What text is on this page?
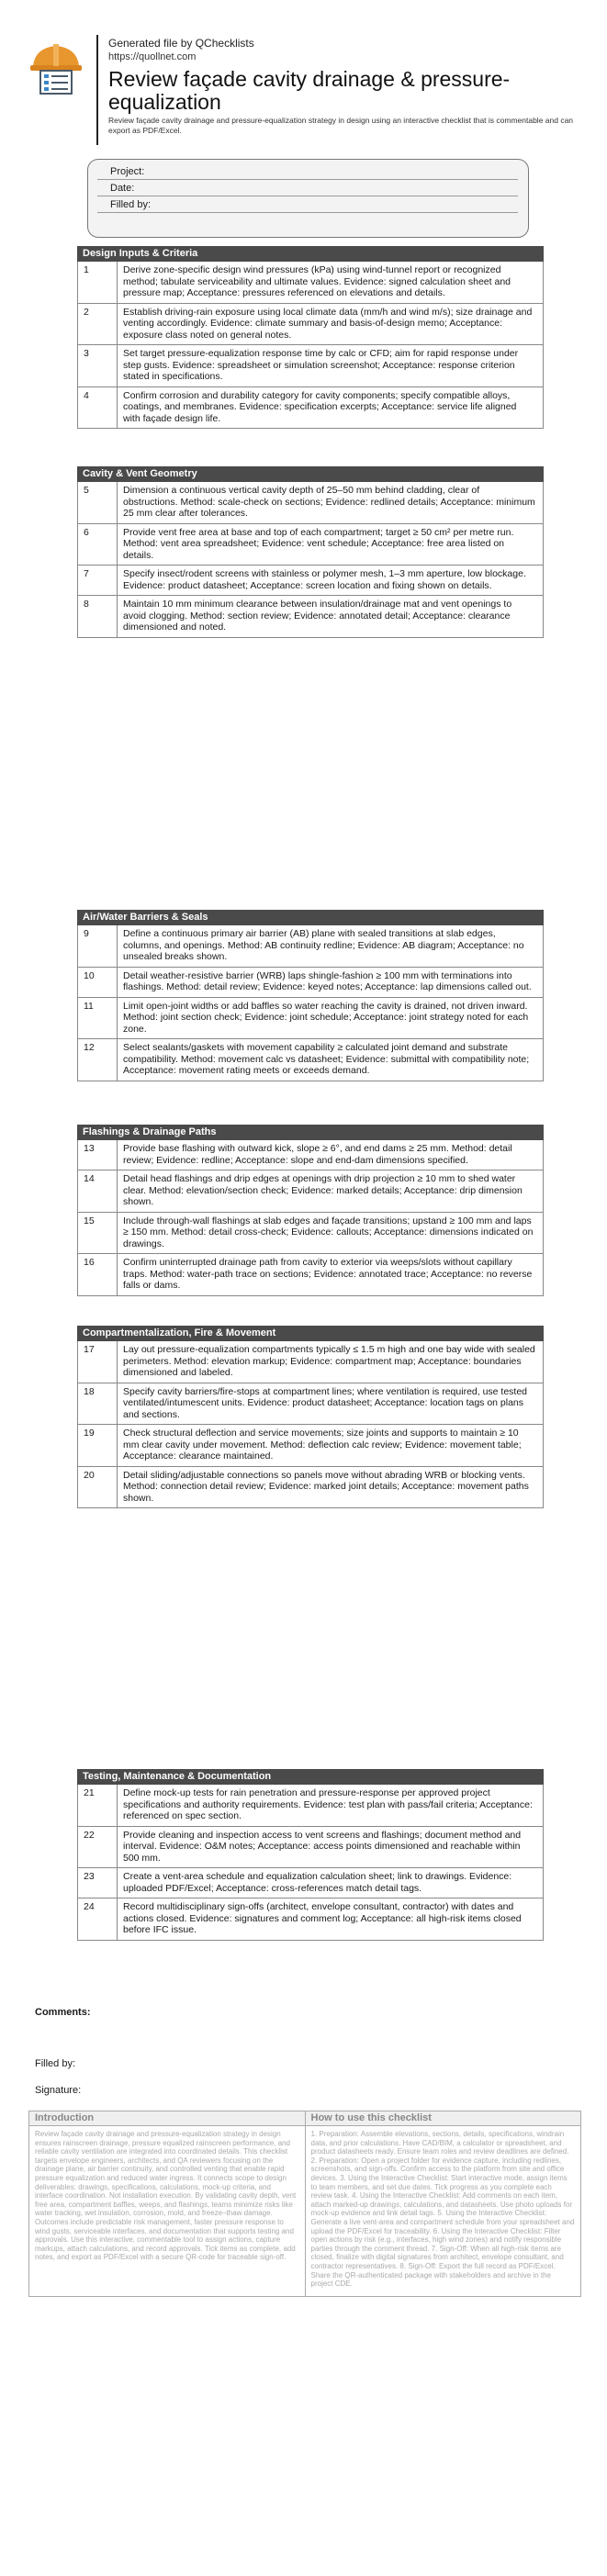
Generated file by QChecklists
https://quollnet.com
Review façade cavity drainage & pressure-equalization
Review façade cavity drainage and pressure-equalization strategy in design using an interactive checklist that is commentable and can export as PDF/Excel.
Project:
Date:
Filled by:
Design Inputs & Criteria
1	Derive zone-specific design wind pressures (kPa) using wind-tunnel report or recognized method; tabulate serviceability and ultimate values. Evidence: signed calculation sheet and pressure map; Acceptance: pressures referenced on elevations and details.
2	Establish driving-rain exposure using local climate data (mm/h and wind m/s); size drainage and venting accordingly. Evidence: climate summary and basis-of-design memo; Acceptance: exposure class noted on general notes.
3	Set target pressure-equalization response time by calc or CFD; aim for rapid response under step gusts. Evidence: spreadsheet or simulation screenshot; Acceptance: response criterion stated in specifications.
4	Confirm corrosion and durability category for cavity components; specify compatible alloys, coatings, and membranes. Evidence: specification excerpts; Acceptance: service life aligned with façade design life.
Cavity & Vent Geometry
5	Dimension a continuous vertical cavity depth of 25–50 mm behind cladding, clear of obstructions. Method: scale-check on sections; Evidence: redlined details; Acceptance: minimum 25 mm clear after tolerances.
6	Provide vent free area at base and top of each compartment; target ≥ 50 cm² per metre run. Method: vent area spreadsheet; Evidence: vent schedule; Acceptance: free area listed on details.
7	Specify insect/rodent screens with stainless or polymer mesh, 1–3 mm aperture, low blockage. Evidence: product datasheet; Acceptance: screen location and fixing shown on details.
8	Maintain 10 mm minimum clearance between insulation/drainage mat and vent openings to avoid clogging. Method: section review; Evidence: annotated detail; Acceptance: clearance dimensioned and noted.
Air/Water Barriers & Seals
9	Define a continuous primary air barrier (AB) plane with sealed transitions at slab edges, columns, and openings. Method: AB continuity redline; Evidence: AB diagram; Acceptance: no unsealed breaks shown.
10	Detail weather-resistive barrier (WRB) laps shingle-fashion ≥ 100 mm with terminations into flashings. Method: detail review; Evidence: keyed notes; Acceptance: lap dimensions called out.
11	Limit open-joint widths or add baffles so water reaching the cavity is drained, not driven inward. Method: joint section check; Evidence: joint schedule; Acceptance: joint strategy noted for each zone.
12	Select sealants/gaskets with movement capability ≥ calculated joint demand and substrate compatibility. Method: movement calc vs datasheet; Evidence: submittal with compatibility note; Acceptance: movement rating meets or exceeds demand.
Flashings & Drainage Paths
13	Provide base flashing with outward kick, slope ≥ 6°, and end dams ≥ 25 mm. Method: detail review; Evidence: redline; Acceptance: slope and end-dam dimensions specified.
14	Detail head flashings and drip edges at openings with drip projection ≥ 10 mm to shed water clear. Method: elevation/section check; Evidence: marked details; Acceptance: drip dimension shown.
15	Include through-wall flashings at slab edges and façade transitions; upstand ≥ 100 mm and laps ≥ 150 mm. Method: detail cross-check; Evidence: callouts; Acceptance: dimensions indicated on drawings.
16	Confirm uninterrupted drainage path from cavity to exterior via weeps/slots without capillary traps. Method: water-path trace on sections; Evidence: annotated trace; Acceptance: no reverse falls or dams.
Compartmentalization, Fire & Movement
17	Lay out pressure-equalization compartments typically ≤ 1.5 m high and one bay wide with sealed perimeters. Method: elevation markup; Evidence: compartment map; Acceptance: boundaries dimensioned and labeled.
18	Specify cavity barriers/fire-stops at compartment lines; where ventilation is required, use tested ventilated/intumescent units. Evidence: product datasheet; Acceptance: location tags on plans and sections.
19	Check structural deflection and service movements; size joints and supports to maintain ≥ 10 mm clear cavity under movement. Method: deflection calc review; Evidence: movement table; Acceptance: clearance maintained.
20	Detail sliding/adjustable connections so panels move without abrading WRB or blocking vents. Method: connection detail review; Evidence: marked joint details; Acceptance: movement paths shown.
Testing, Maintenance & Documentation
21	Define mock-up tests for rain penetration and pressure-response per approved project specifications and authority requirements. Evidence: test plan with pass/fail criteria; Acceptance: referenced on spec section.
22	Provide cleaning and inspection access to vent screens and flashings; document method and interval. Evidence: O&M notes; Acceptance: access points dimensioned and reachable within 500 mm.
23	Create a vent-area schedule and equalization calculation sheet; link to drawings. Evidence: uploaded PDF/Excel; Acceptance: cross-references match detail tags.
24	Record multidisciplinary sign-offs (architect, envelope consultant, contractor) with dates and actions closed. Evidence: signatures and comment log; Acceptance: all high-risk items closed before IFC issue.
Comments:
Filled by:
Signature:
Introduction
Review façade cavity drainage and pressure-equalization strategy in design ensures rainscreen drainage, pressure equalized rainscreen performance, and reliable cavity ventilation are integrated into coordinated details. This checklist targets envelope engineers, architects, and QA reviewers focusing on the drainage plane, air barrier continuity, and controlled venting that enable rapid pressure equalization and reduced water ingress. It connects scope to design deliverables: drawings, specifications, calculations, mock-up criteria, and interface coordination. Not installation execution. By validating cavity depth, vent free area, compartment baffles, weeps, and flashings, teams minimize risks like water tracking, wet insulation, corrosion, mold, and freeze–thaw damage. Outcomes include predictable risk management, faster pressure response to wind gusts, serviceable interfaces, and documentation that supports testing and approvals. Use this interactive, commentable tool to assign actions, capture markups, attach calculations, and record approvals. Tick items as complete, add notes, and export as PDF/Excel with a secure QR-code for traceable sign-off.
How to use this checklist
1. Preparation: Assemble elevations, sections, details, specifications, windrain data, and prior calculations. Have CAD/BIM, a calculator or spreadsheet, and product datasheets ready. Ensure team roles and review deadlines are defined. 2. Preparation: Open a project folder for evidence capture, including redlines, screenshots, and sign-offs. Confirm access to the platform from site and office devices. 3. Using the Interactive Checklist: Start interactive mode, assign items to team members, and set due dates. Tick progress as you complete each review task. 4. Using the Interactive Checklist: Add comments on each item, attach marked-up drawings, calculations, and datasheets. Use photo uploads for mock-up evidence and link detail tags. 5. Using the Interactive Checklist: Generate a live vent-area and compartment schedule from your spreadsheet and upload the PDF/Excel for traceability. 6. Using the Interactive Checklist: Filter open actions by risk (e.g., interfaces, high wind zones) and notify responsible parties through the comment thread. 7. Sign-Off: When all high-risk items are closed, finalize with digital signatures from architect, envelope consultant, and contractor representatives. 8. Sign-Off: Export the full record as PDF/Excel. Share the QR-authenticated package with stakeholders and archive in the project CDE.
